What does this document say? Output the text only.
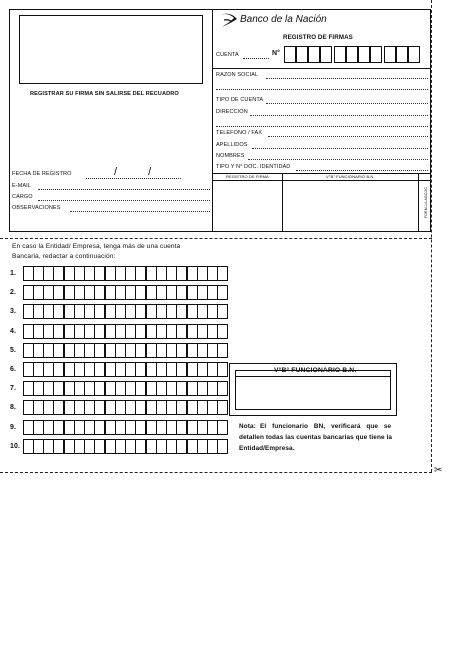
REGISTRAR SU FIRMA SIN SALIRSE DEL RECUADRO
FECHA DE REGISTRO	/ /
E-MAIL
CARGO
OBSERVACIONES
Banco de la Nación
REGISTRO DE FIRMAS
CUENTA	N°
RAZON SOCIAL
TIPO DE CUENTA
DIRECCION
TELEFONO / FAX
APELLIDOS
NOMBRES
TIPO Y N° DOC. IDENTIDAD
REGISTRO DE FIRMA	V°B° FUNCIONARIO B.N.
FORM-14-AGC/2C
✂
En caso la Entidad/ Empresa, tenga más de una cuenta
Bancaria, redactar a continuación:
1.
2.
3.
4.
5.
6.
7.
8.
9.
10.
V°B° FUNCIONARIO B.N.
Nota: El funcionario BN, verificará que se
detallen todas las cuentas bancarias que tiene la
Entidad/Empresa.
